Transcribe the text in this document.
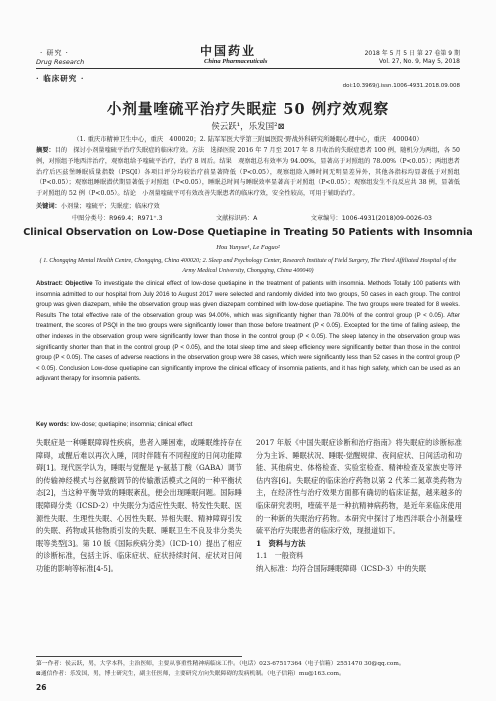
· 研究 ·
Drug Research
中国药业
China Pharmaceuticals
2018 年 5 月 5 日 第 27 卷第 9 期
Vol. 27, No. 9, May 5, 2018
· 临床研究 ·
doi:10.3969/j.issn.1006-4931.2018.09.008
小剂量喹硫平治疗失眠症 50 例疗效观察
侯云跃¹，乐发国²⊠
（1. 重庆市精神卫生中心，重庆　400020；2. 陆军军医大学第三附属医院·野战外科研究所睡眠心理中心，重庆　400040）
摘要：目的　探讨小剂量喹硫平治疗失眠症的临床疗效。方法　选择医院 2016 年 7 月至 2017 年 8 月收治的失眠症患者 100 例，随机分为两组，各 50 例，对照组予地西泮治疗，观察组给予喹硫平治疗，治疗 8 周后。结果　观察组总有效率为 94.00%，显著高于对照组的 78.00%（P<0.05）；两组患者治疗后匹兹堡睡眠质量指数（PSQI）各项目评分均较治疗前显著降低（P<0.05），观察组除入睡时间无明显差异外，其他各指标均显著低于对照组（P<0.05）；观察组睡眠潜伏期显著低于对照组（P<0.05），睡眠总时间与睡眠效率显著高于对照组（P<0.05）；观察组发生不良反应共 38 例，显著低于对照组的 52 例（P<0.05）。结论　小剂量喹硫平可有效改善失眠患者的临床疗效，安全性较高，可用于辅助治疗。
关键词：小剂量；喹硫平；失眠症；临床疗效
中图分类号：R969.4；R971⁺.3	文献标识码：A	文章编号：1006-4931(2018)09-0026-03
Clinical Observation on Low-Dose Quetiapine in Treating 50 Patients with Insomnia
Hou Yunyue¹, Le Faguo²
( 1. Chongqing Mental Health Centre, Chongqing, China 400020; 2. Sleep and Psychology Center, Research Institute of Field Surgery, The Third Affiliated Hospital of the Army Medical University, Chongqing, China 400040)
Abstract: Objective To investigate the clinical effect of low-dose quetiapine in the treatment of patients with insomnia. Methods Totally 100 patients with insomnia admitted to our hospital from July 2016 to August 2017 were selected and randomly divided into two groups, 50 cases in each group. The control group was given diazepam, while the observation group was given diazepam combined with low-dose quetiapine. The two groups were treated for 8 weeks. Results The total effective rate of the observation group was 94.00%, which was significantly higher than 78.00% of the control group (P < 0.05). After treatment, the scores of PSQI in the two groups were significantly lower than those before treatment (P < 0.05). Excepted for the time of falling asleep, the other indexes in the observation group were significantly lower than those in the control group (P < 0.05). The sleep latency in the observation group was significantly shorter than that in the control group (P < 0.05), and the total sleep time and sleep efficiency were significantly better than those in the control group (P < 0.05). The cases of adverse reactions in the observation group were 38 cases, which were significantly less than 52 cases in the control group (P < 0.05). Conclusion Low-dose quetiapine can significantly improve the clinical efficacy of insomnia patients, and it has high safety, which can be used as an adjuvant therapy for insomnia patients.
Key words: low-dose; quetiapine; insomnia; clinical effect
失眠症是一种睡眠障碍性疾病，患者入睡困难，或睡眠维持存在障碍，或醒后难以再次入睡，同时伴随有不同程度的日间功能障碍[1]。现代医学认为，睡眠与觉醒是 γ-氨基丁酸（GABA）调节的传输神经模式与谷氨酸调节的传输激活模式之间的一种平衡状态[2]，当这种平衡导致的睡眠紊乱，便会出现睡眠问题。国际睡眠障碍分类（ICSD-2）中失眠分为适应性失眠、特发性失眠、医源性失眠、生理性失眠、心因性失眠、异相失眠、精神障碍引发的失眠、药物或其他物质引发的失眠、睡眠卫生不良及非分类失眠等类型[3]。第 10 版《国际疾病分类》（ICD-10）提出了相应的诊断标准，包括主诉、临床症状、症状持续时间、症状对日间功能的影响等标准[4-5]。
2017 年版《中国失眠症诊断和治疗指南》将失眠症的诊断标准分为主诉、睡眠状况、睡眠-觉醒规律、夜间症状、日间活动和功能、其他病史、体格检查、实验室检查、精神检查及家族史等评估内容[6]。失眠症的临床治疗药物以第 2 代苯二氮䓬类药物为主，在经济性与治疗效果方面都有确切的临床证据，越来越多的临床研究表明，喹硫平是一种抗精神病药物，是近年来临床使用的一种新的失眠治疗药物。本研究中探讨了地西泮联合小剂量喹硫平治疗失眠患者的临床疗效，现报道如下。
1　资料与方法
1.1　一般资料
纳入标准：均符合国际睡眠障碍（ICSD-3）中的失眠
第一作者：侯云跃，男，大学本科，主治医师，主要从事重性精神病临床工作。（电话）023-67517364（电子信箱）2551470 30@qq.com。
⊠通信作者：乐发国，男，博士研究生，副主任医师，主要研究方向失眠障碍的发病机制。（电子信箱）mu@163.com。
26
